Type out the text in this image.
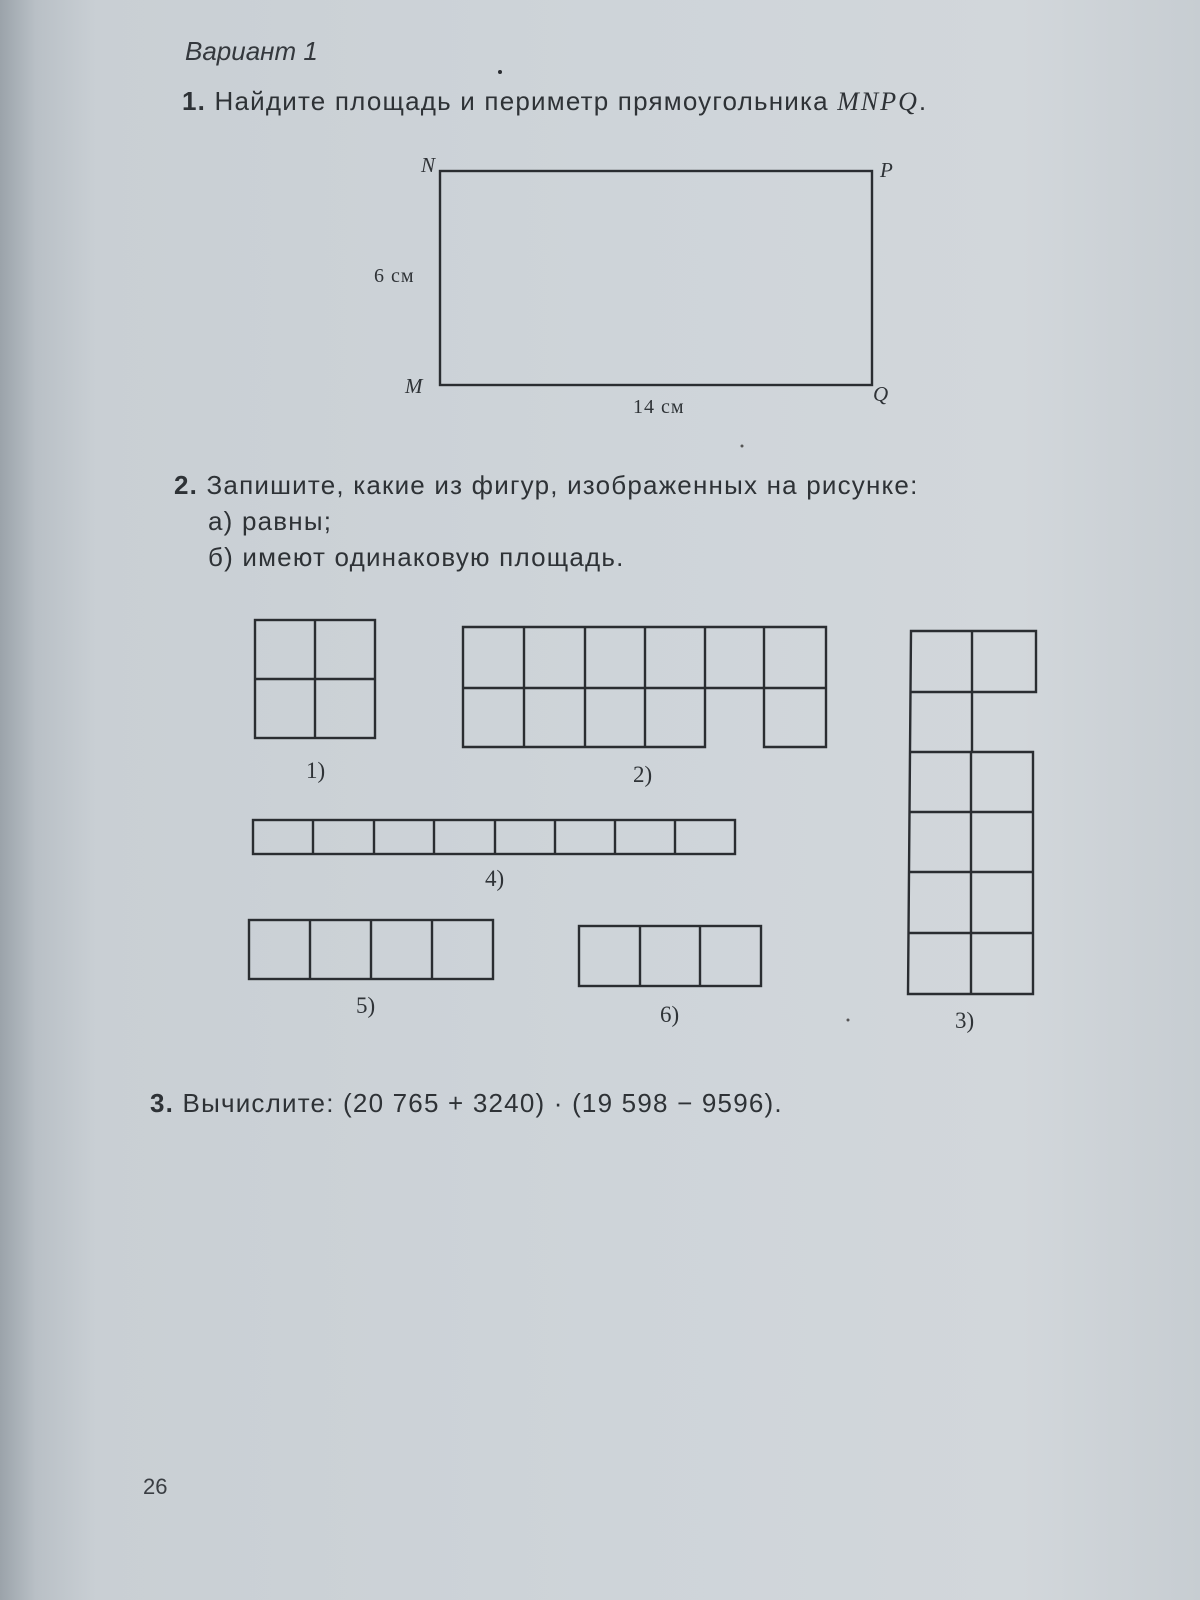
Вариант 1
1. Найдите площадь и периметр прямоугольника MNPQ.
N	P
M	Q
6 см
14 см
2. Запишите, какие из фигур, изображенных на рисунке:
а) равны;
б) имеют одинаковую площадь.
1)	2)
4)
5)	6)	3)
3. Вычислите: (20 765 + 3240) · (19 598 − 9596).
26
